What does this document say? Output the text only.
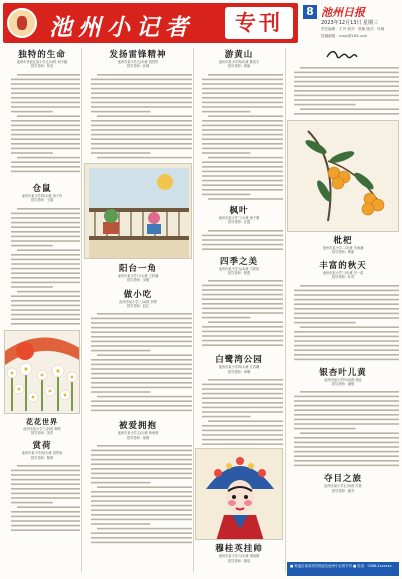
池州小记者	专刊	8 池州日报
2023年12月13日 星期三
责任编辑：王丹 校对：张敏 版式：叶敏
投稿邮箱：czxjz@163.com
独特的生命
池州市贵池区某小学五(1)班 何小涵
指导老师：张英
仓鼠
池州市某小学四(3)班 刘子轩
指导老师：王娟
花花世界
池州市某小学三(2)班 韩婷
指导老师：刘芳
赏荷
池州市某小学四(2)班 周思雨
指导老师：陈莉
发扬雷锋精神
池州市某小学五(3)班 钱思彤
指导老师：孙静
阳台一角
池州市某小学六(1)班 王梓涵
指导老师：吴敏
做小吃
池州市某小学三(4)班 李想
指导老师：赵红
被爱拥抱
池州市某小学五(2)班 杨雨萱
指导老师：徐静
游黄山
池州市某小学四(5)班 陈浩宇
指导老师：黄丽
枫叶
池州市某小学三(1)班 徐子墨
指导老师：汪霞
四季之美
池州市某小学五(4)班 方欣怡
指导老师：程燕
白鹭湾公园
池州市某小学四(1)班 江若曦
指导老师：章琳
穆桂英挂帅
池州市某小学六(3)班 胡雨桐
指导老师：姚瑶
枇杷
池州市某小学二(3)班 朱雨涵
指导老师：曹丽
丰富的秋天
池州市某小学三(5)班 吕一诺
指导老师：叶青
银杏叶儿黄
池州市某小学四(4)班 施佳
指导老师：潘敏
夺目之旅
池州市某小学五(5)班 苏晨
指导老师：谢芳
■ 贵池区某培训学校冠名池州小记者专刊 ■ 电话：0566-2xxxxxx
